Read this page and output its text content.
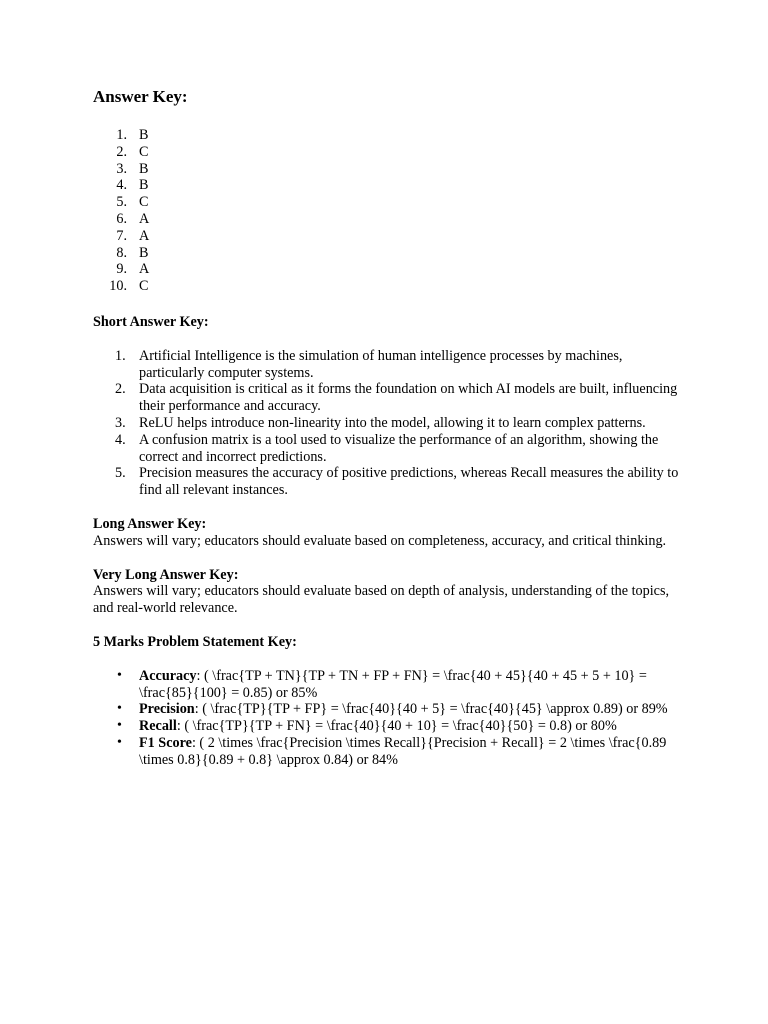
Answer Key:
1. B
2. C
3. B
4. B
5. C
6. A
7. A
8. B
9. A
10. C

Short Answer Key:

1. Artificial Intelligence is the simulation of human intelligence processes by machines, particularly computer systems.
2. Data acquisition is critical as it forms the foundation on which AI models are built, influencing their performance and accuracy.
3. ReLU helps introduce non-linearity into the model, allowing it to learn complex patterns.
4. A confusion matrix is a tool used to visualize the performance of an algorithm, showing the correct and incorrect predictions.
5. Precision measures the accuracy of positive predictions, whereas Recall measures the ability to find all relevant instances.

Long Answer Key:

Answers will vary; educators should evaluate based on completeness, accuracy, and critical thinking.

Very Long Answer Key:

Answers will vary; educators should evaluate based on depth of analysis, understanding of the topics, and real-world relevance.

5 Marks Problem Statement Key:

•	Accuracy: ( \frac{TP + TN}{TP + TN + FP + FN} = \frac{40 + 45}{40 + 45 + 5 + 10} = \frac{85}{100} = 0.85) or 85%
•	Precision: ( \frac{TP}{TP + FP} = \frac{40}{40 + 5} = \frac{40}{45} \approx 0.89) or 89%
•	Recall: ( \frac{TP}{TP + FN} = \frac{40}{40 + 10} = \frac{40}{50} = 0.8) or 80%
•	F1 Score: ( 2 \times \frac{Precision \times Recall}{Precision + Recall} = 2 \times \frac{0.89 \times 0.8}{0.89 + 0.8} \approx 0.84) or 84%
